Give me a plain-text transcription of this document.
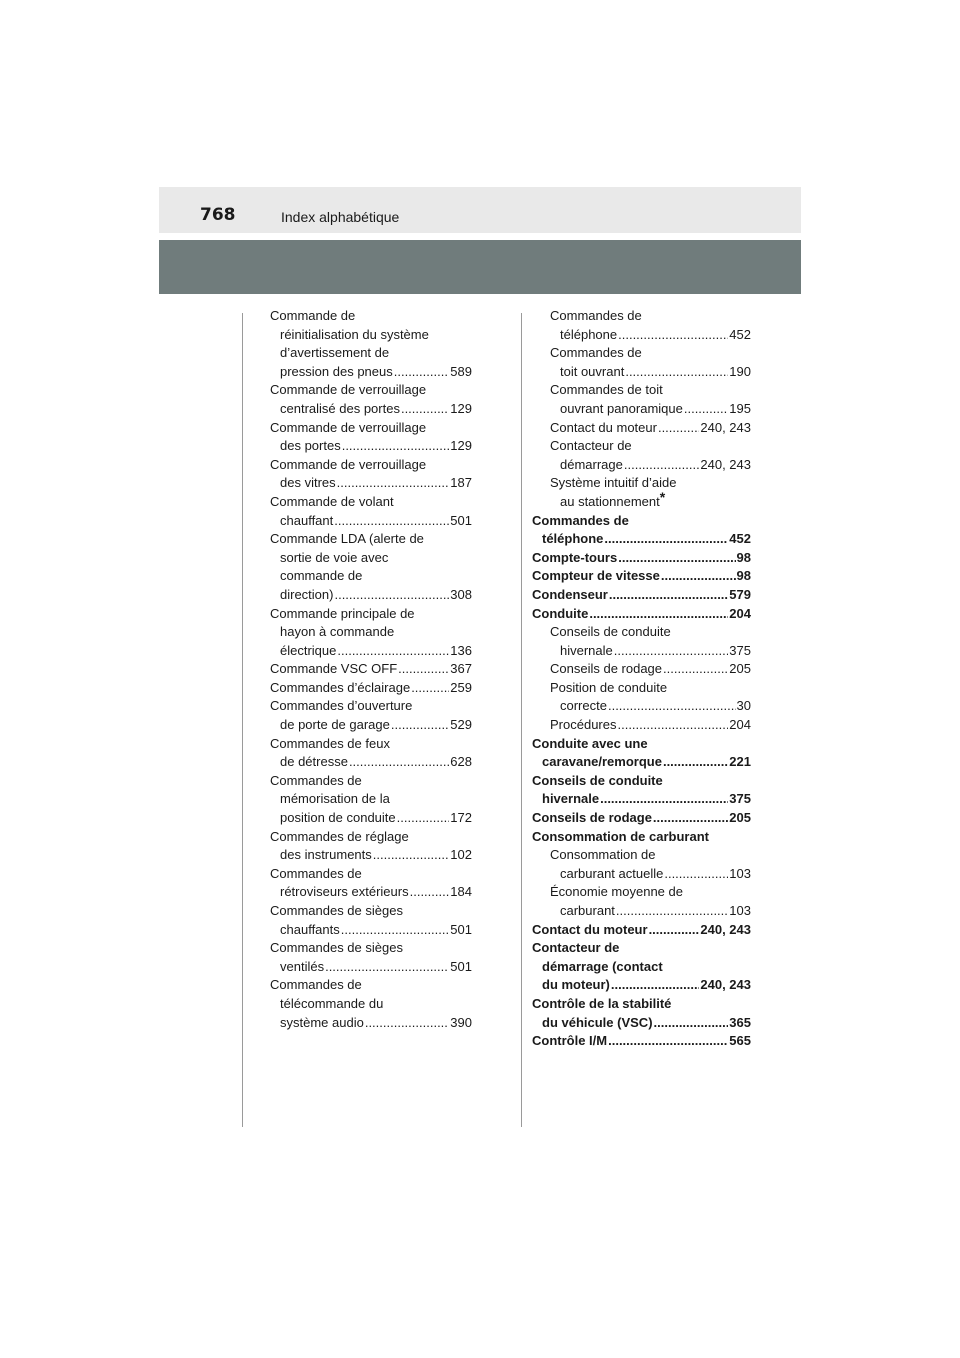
768	Index alphabétique
Commande de
réinitialisation du système
d’avertissement de
pression des pneus .....	589
Commande de verrouillage
centralisé des portes .....	129
Commande de verrouillage
des portes .....	129
Commande de verrouillage
des vitres .....	187
Commande de volant
chauffant .....	501
Commande LDA (alerte de
sortie de voie avec
commande de
direction) .....	308
Commande principale de
hayon à commande
électrique .....	136
Commande VSC OFF .....	367
Commandes d’éclairage .....	259
Commandes d’ouverture
de porte de garage .....	529
Commandes de feux
de détresse .....	628
Commandes de
mémorisation de la
position de conduite .....	172
Commandes de réglage
des instruments .....	102
Commandes de
rétroviseurs extérieurs .....	184
Commandes de sièges
chauffants .....	501
Commandes de sièges
ventilés .....	501
Commandes de
télécommande du
système audio .....	390
Commandes de
téléphone .....	452
Commandes de
toit ouvrant .....	190
Commandes de toit
ouvrant panoramique .....	195
Contact du moteur .....	240, 243
Contacteur de
démarrage .....	240, 243
Système intuitif d’aide
au stationnement*
Commandes de
téléphone .....	452
Compte-tours .....	98
Compteur de vitesse .....	98
Condenseur .....	579
Conduite .....	204
Conseils de conduite
hivernale .....	375
Conseils de rodage .....	205
Position de conduite
correcte .....	30
Procédures .....	204
Conduite avec une
caravane/remorque .....	221
Conseils de conduite
hivernale .....	375
Conseils de rodage .....	205
Consommation de carburant
Consommation de
carburant actuelle .....	103
Économie moyenne de
carburant .....	103
Contact du moteur .....	240, 243
Contacteur de
démarrage (contact
du moteur) .....	240, 243
Contrôle de la stabilité
du véhicule (VSC) .....	365
Contrôle I/M .....	565
